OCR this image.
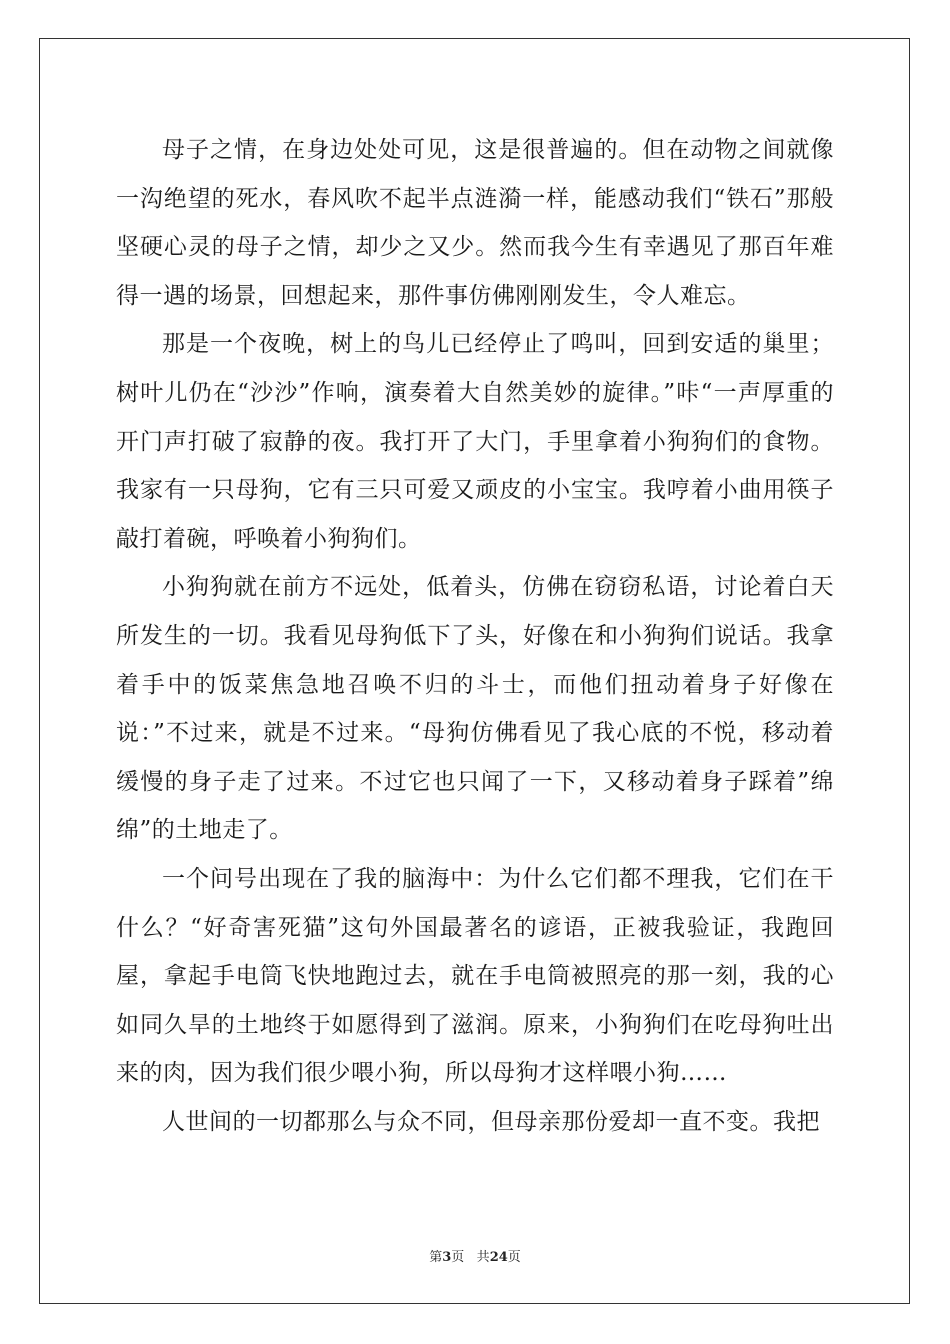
母子之情，在身边处处可见，这是很普遍的。但在动物之间就像一沟绝望的死水，春风吹不起半点涟漪一样，能感动我们“铁石”那般坚硬心灵的母子之情，却少之又少。然而我今生有幸遇见了那百年难得一遇的场景，回想起来，那件事仿佛刚刚发生，令人难忘。

那是一个夜晚，树上的鸟儿已经停止了鸣叫，回到安适的巢里；树叶儿仍在“沙沙”作响，演奏着大自然美妙的旋律。”咔“一声厚重的开门声打破了寂静的夜。我打开了大门，手里拿着小狗狗们的食物。我家有一只母狗，它有三只可爱又顽皮的小宝宝。我哼着小曲用筷子敲打着碗，呼唤着小狗狗们。

小狗狗就在前方不远处，低着头，仿佛在窃窃私语，讨论着白天所发生的一切。我看见母狗低下了头，好像在和小狗狗们说话。我拿着手中的饭菜焦急地召唤不归的斗士，而他们扭动着身子好像在说：”不过来，就是不过来。“母狗仿佛看见了我心底的不悦，移动着缓慢的身子走了过来。不过它也只闻了一下，又移动着身子踩着”绵绵”的土地走了。

一个问号出现在了我的脑海中：为什么它们都不理我，它们在干什么？“好奇害死猫”这句外国最著名的谚语，正被我验证，我跑回屋，拿起手电筒飞快地跑过去，就在手电筒被照亮的那一刻，我的心如同久旱的土地终于如愿得到了滋润。原来，小狗狗们在吃母狗吐出来的肉，因为我们很少喂小狗，所以母狗才这样喂小狗……

人世间的一切都那么与众不同，但母亲那份爱却一直不变。我把

第3页 共24页
